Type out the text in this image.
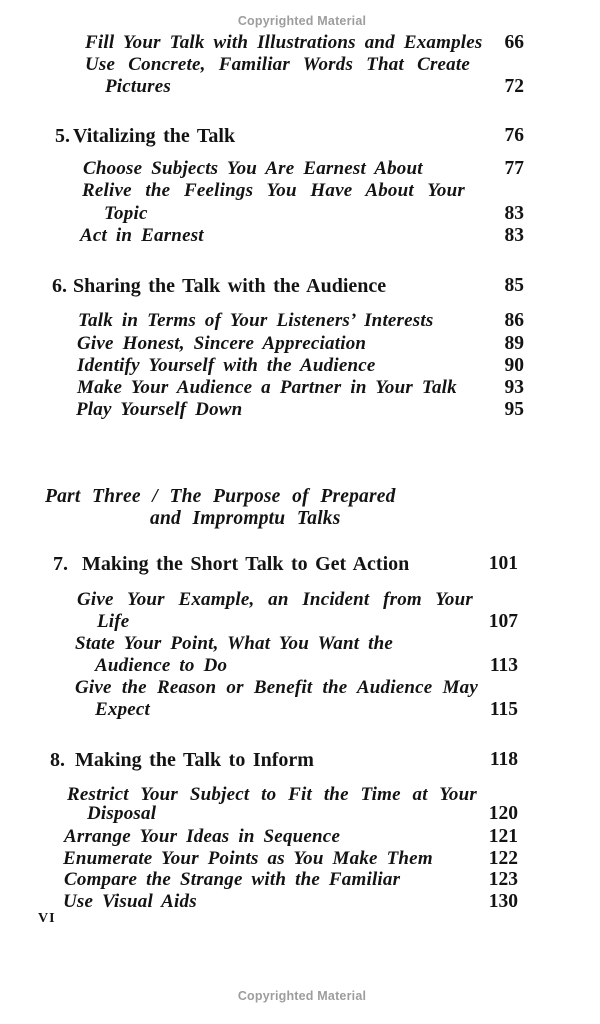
Copyrighted Material
Fill Your Talk with Illustrations and Examples	66
Use Concrete, Familiar Words That Create
Pictures	72
5. Vitalizing the Talk	76
Choose Subjects You Are Earnest About	77
Relive the Feelings You Have About Your
Topic	83
Act in Earnest	83
6. Sharing the Talk with the Audience	85
Talk in Terms of Your Listeners’ Interests	86
Give Honest, Sincere Appreciation	89
Identify Yourself with the Audience	90
Make Your Audience a Partner in Your Talk	93
Play Yourself Down	95
Part Three / The Purpose of Prepared
and Impromptu Talks
7. Making the Short Talk to Get Action	101
Give Your Example, an Incident from Your
Life	107
State Your Point, What You Want the
Audience to Do	113
Give the Reason or Benefit the Audience May
Expect	115
8. Making the Talk to Inform	118
Restrict Your Subject to Fit the Time at Your
Disposal	120
Arrange Your Ideas in Sequence	121
Enumerate Your Points as You Make Them	122
Compare the Strange with the Familiar	123
Use Visual Aids	130
VI
Copyrighted Material
